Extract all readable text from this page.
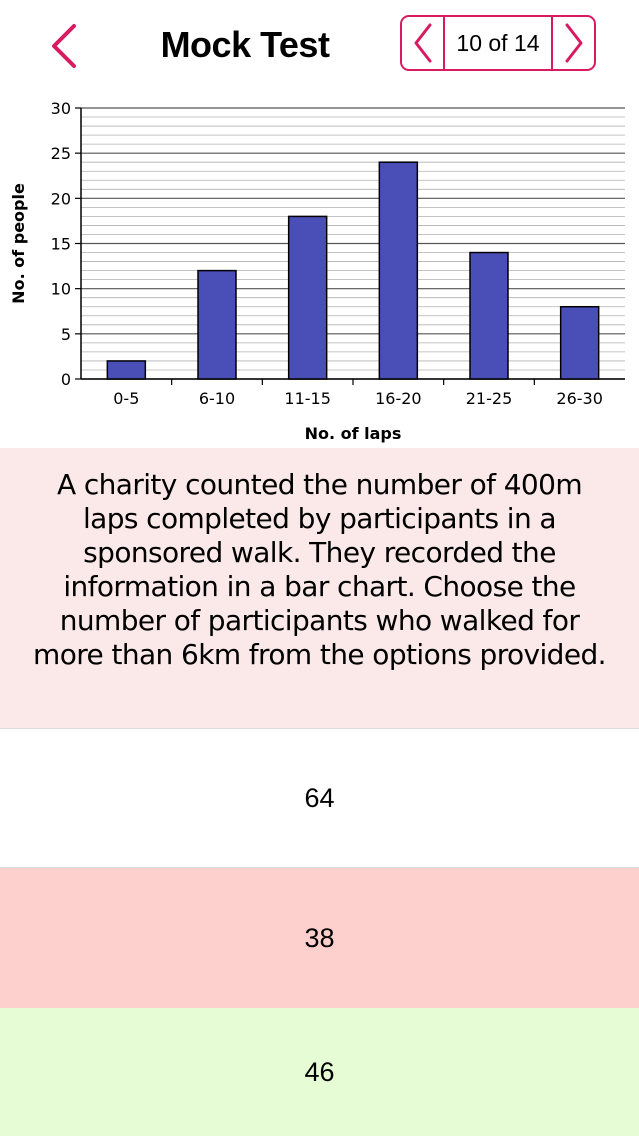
Mock Test	10 of 14
0
5
10
15
20
25
30
0-5	6-10	11-15	16-20	21-25	26-30
No. of laps
No. of people
A charity counted the number of 400m laps completed by participants in a sponsored walk. They recorded the information in a bar chart. Choose the number of participants who walked for more than 6km from the options provided.
64
38
46
